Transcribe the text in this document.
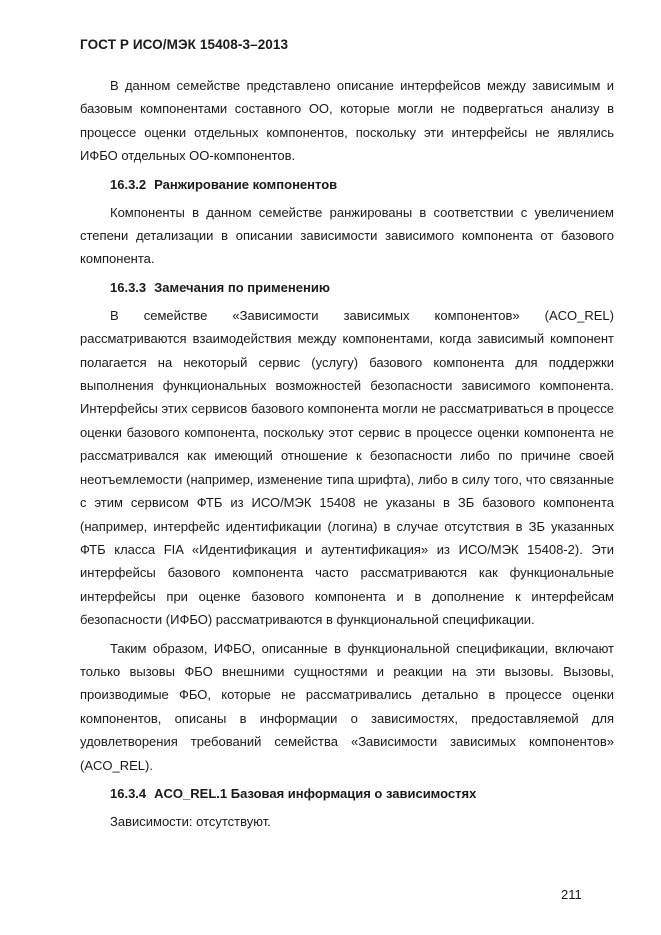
ГОСТ Р ИСО/МЭК 15408-3–2013

В данном семействе представлено описание интерфейсов между зависимым и базовым компонентами составного ОО, которые могли не подвергаться анализу в процессе оценки отдельных компонентов, поскольку эти интерфейсы не являлись ИФБО отдельных ОО-компонентов.

16.3.2 Ранжирование компонентов

Компоненты в данном семействе ранжированы в соответствии с увеличением степени детализации в описании зависимости зависимого компонента от базового компонента.

16.3.3 Замечания по применению

В семействе «Зависимости зависимых компонентов» (ACO_REL) рассматриваются взаимодействия между компонентами, когда зависимый компонент полагается на некоторый сервис (услугу) базового компонента для поддержки выполнения функциональных возможностей безопасности зависимого компонента. Интерфейсы этих сервисов базового компонента могли не рассматриваться в процессе оценки базового компонента, поскольку этот сервис в процессе оценки компонента не рассматривался как имеющий отношение к безопасности либо по причине своей неотъемлемости (например, изменение типа шрифта), либо в силу того, что связанные с этим сервисом ФТБ из ИСО/МЭК 15408 не указаны в ЗБ базового компонента (например, интерфейс идентификации (логина) в случае отсутствия в ЗБ указанных ФТБ класса FIA «Идентификация и аутентификация» из ИСО/МЭК 15408-2). Эти интерфейсы базового компонента часто рассматриваются как функциональные интерфейсы при оценке базового компонента и в дополнение к интерфейсам безопасности (ИФБО) рассматриваются в функциональной спецификации.

Таким образом, ИФБО, описанные в функциональной спецификации, включают только вызовы ФБО внешними сущностями и реакции на эти вызовы. Вызовы, производимые ФБО, которые не рассматривались детально в процессе оценки компонентов, описаны в информации о зависимостях, предоставляемой для удовлетворения требований семейства «Зависимости зависимых компонентов» (ACO_REL).

16.3.4 ACO_REL.1 Базовая информация о зависимостях

Зависимости: отсутствуют.

211
